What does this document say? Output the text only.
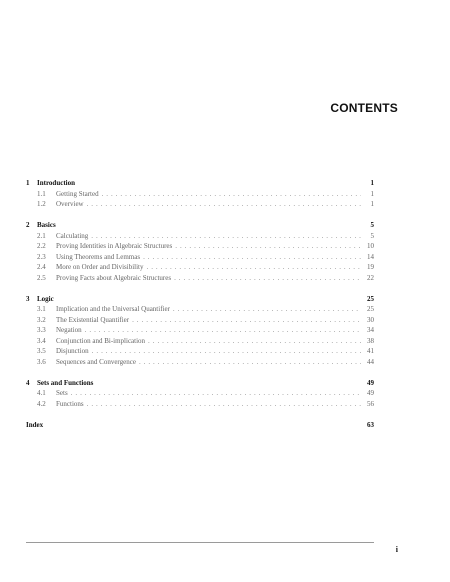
CONTENTS
1	Introduction	1
1.1	Getting Started . . .	1
1.2	Overview . . .	1
2	Basics	5
2.1	Calculating . . .	5
2.2	Proving Identities in Algebraic Structures . . .	10
2.3	Using Theorems and Lemmas . . .	14
2.4	More on Order and Divisibility . . .	19
2.5	Proving Facts about Algebraic Structures . . .	22
3	Logic	25
3.1	Implication and the Universal Quantifier . . .	25
3.2	The Existential Quantifier . . .	30
3.3	Negation . . .	34
3.4	Conjunction and Bi-implication . . .	38
3.5	Disjunction . . .	41
3.6	Sequences and Convergence . . .	44
4	Sets and Functions	49
4.1	Sets . . .	49
4.2	Functions . . .	56
Index	63
i
